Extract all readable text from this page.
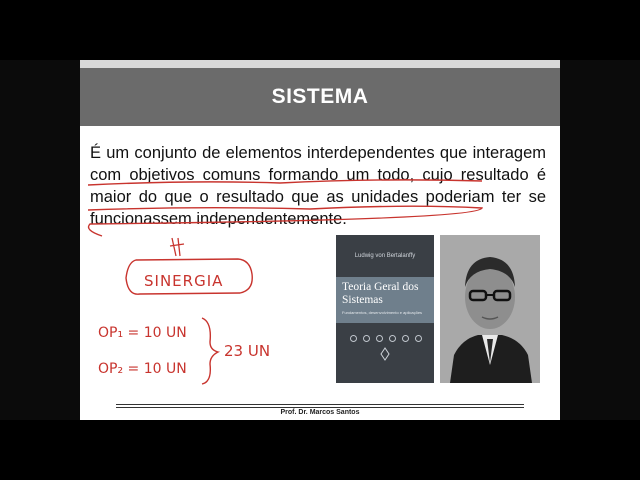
SISTEMA
É um conjunto de elementos interdependentes que interagem com objetivos comuns formando um todo, cujo resultado é maior do que o resultado que as unidades poderiam ter se funcionassem independentemente.
Ludwig von Bertalanffy
Teoria Geral dos Sistemas
Fundamentos, desenvolvimento e aplicações
SINERGIA
OP₁ = 10 UN
OP₂ = 10 UN
23 UN
Prof. Dr. Marcos Santos
